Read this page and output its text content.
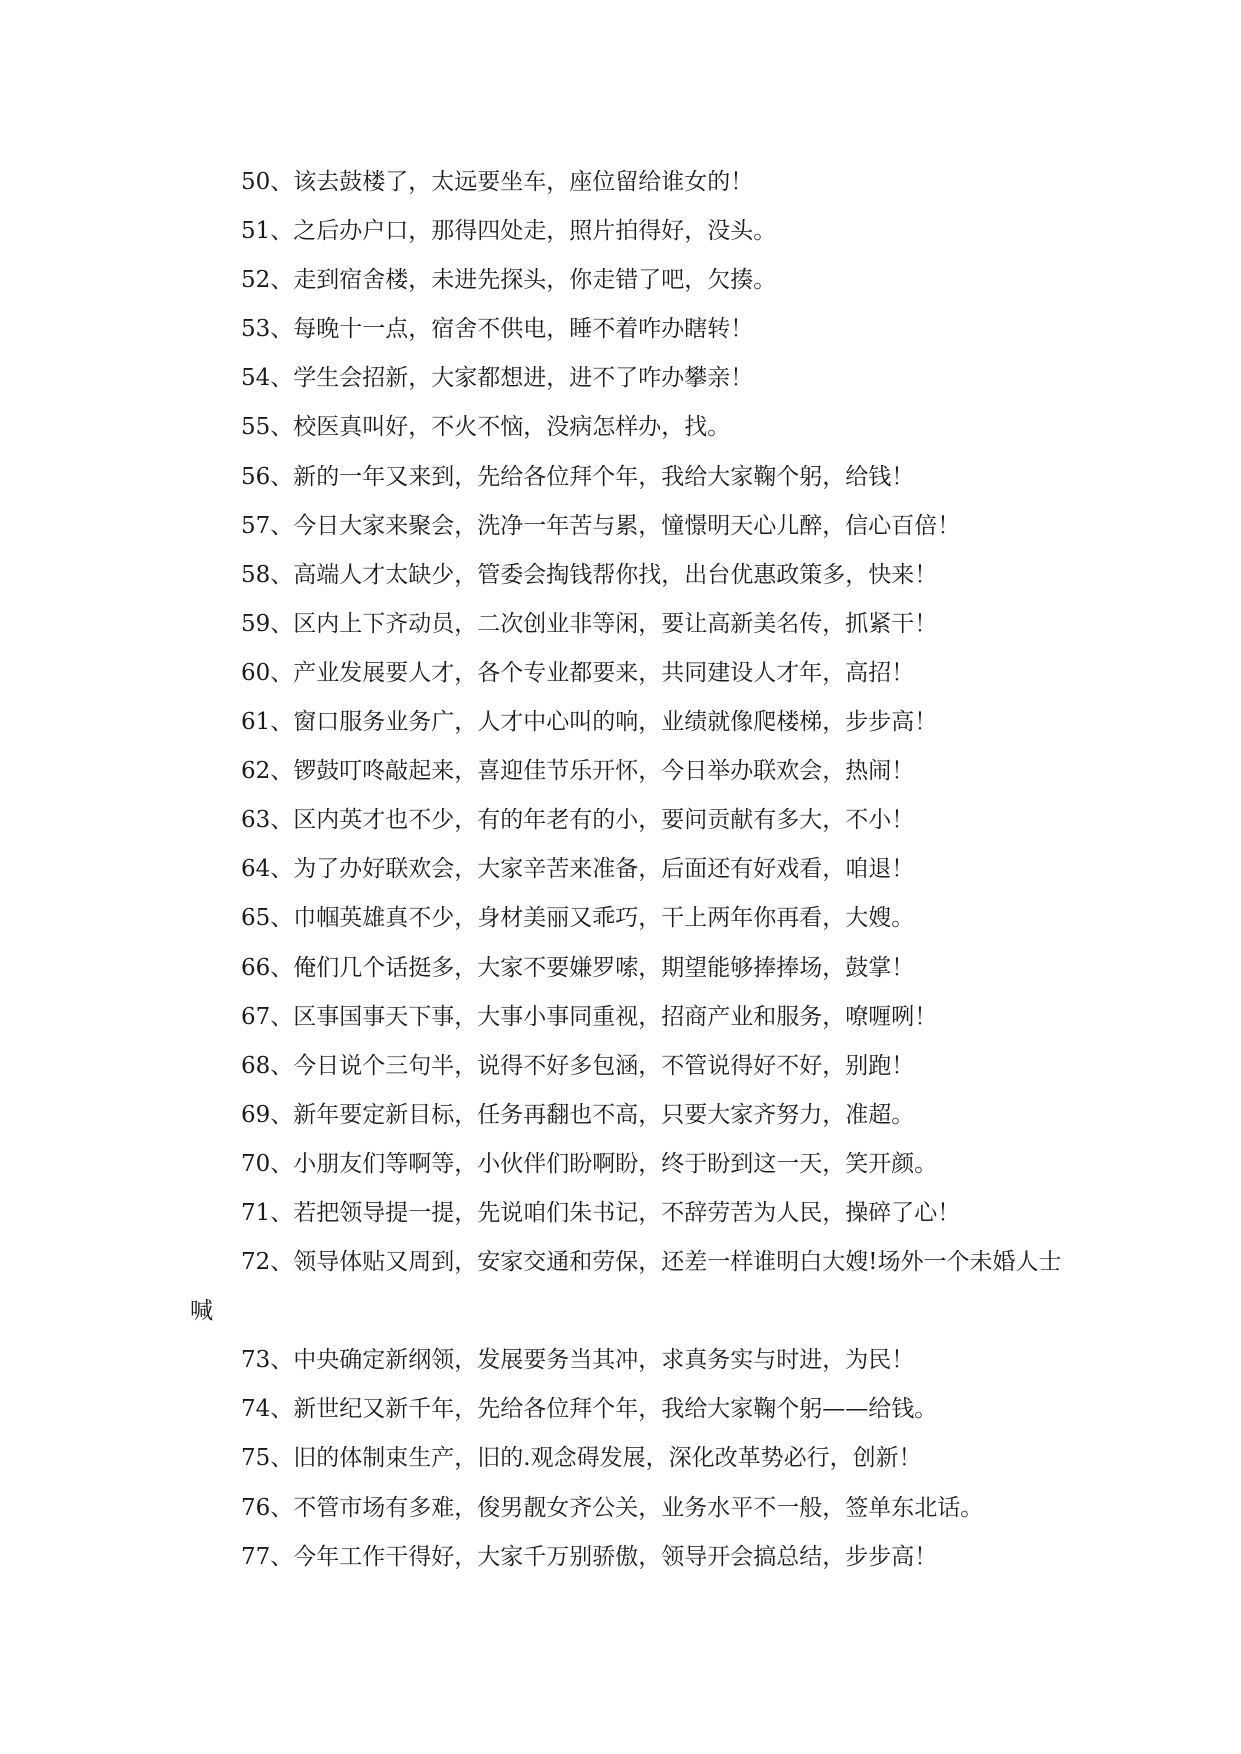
50、该去鼓楼了，太远要坐车，座位留给谁女的！

51、之后办户口，那得四处走，照片拍得好，没头。

52、走到宿舍楼，未进先探头，你走错了吧，欠揍。

53、每晚十一点，宿舍不供电，睡不着咋办瞎转！

54、学生会招新，大家都想进，进不了咋办攀亲！

55、校医真叫好，不火不恼，没病怎样办，找。

56、新的一年又来到，先给各位拜个年，我给大家鞠个躬，给钱！

57、今日大家来聚会，洗净一年苦与累，憧憬明天心儿醉，信心百倍！

58、高端人才太缺少，管委会掏钱帮你找，出台优惠政策多，快来！

59、区内上下齐动员，二次创业非等闲，要让高新美名传，抓紧干！

60、产业发展要人才，各个专业都要来，共同建设人才年，高招！

61、窗口服务业务广，人才中心叫的响，业绩就像爬楼梯，步步高！

62、锣鼓叮咚敲起来，喜迎佳节乐开怀，今日举办联欢会，热闹！

63、区内英才也不少，有的年老有的小，要问贡献有多大，不小！

64、为了办好联欢会，大家辛苦来准备，后面还有好戏看，咱退！

65、巾帼英雄真不少，身材美丽又乖巧，干上两年你再看，大嫂。

66、俺们几个话挺多，大家不要嫌罗嗦，期望能够捧捧场，鼓掌！

67、区事国事天下事，大事小事同重视，招商产业和服务，嘹喱咧！

68、今日说个三句半，说得不好多包涵，不管说得好不好，别跑！

69、新年要定新目标，任务再翻也不高，只要大家齐努力，准超。

70、小朋友们等啊等，小伙伴们盼啊盼，终于盼到这一天，笑开颜。

71、若把领导提一提，先说咱们朱书记，不辞劳苦为人民，操碎了心！

72、领导体贴又周到，安家交通和劳保，还差一样谁明白大嫂!场外一个未婚人士喊

73、中央确定新纲领，发展要务当其冲，求真务实与时进，为民！

74、新世纪又新千年，先给各位拜个年，我给大家鞠个躬——给钱。

75、旧的体制束生产，旧的.观念碍发展，深化改革势必行，创新！

76、不管市场有多难，俊男靓女齐公关，业务水平不一般，签单东北话。

77、今年工作干得好，大家千万别骄傲，领导开会搞总结，步步高！
